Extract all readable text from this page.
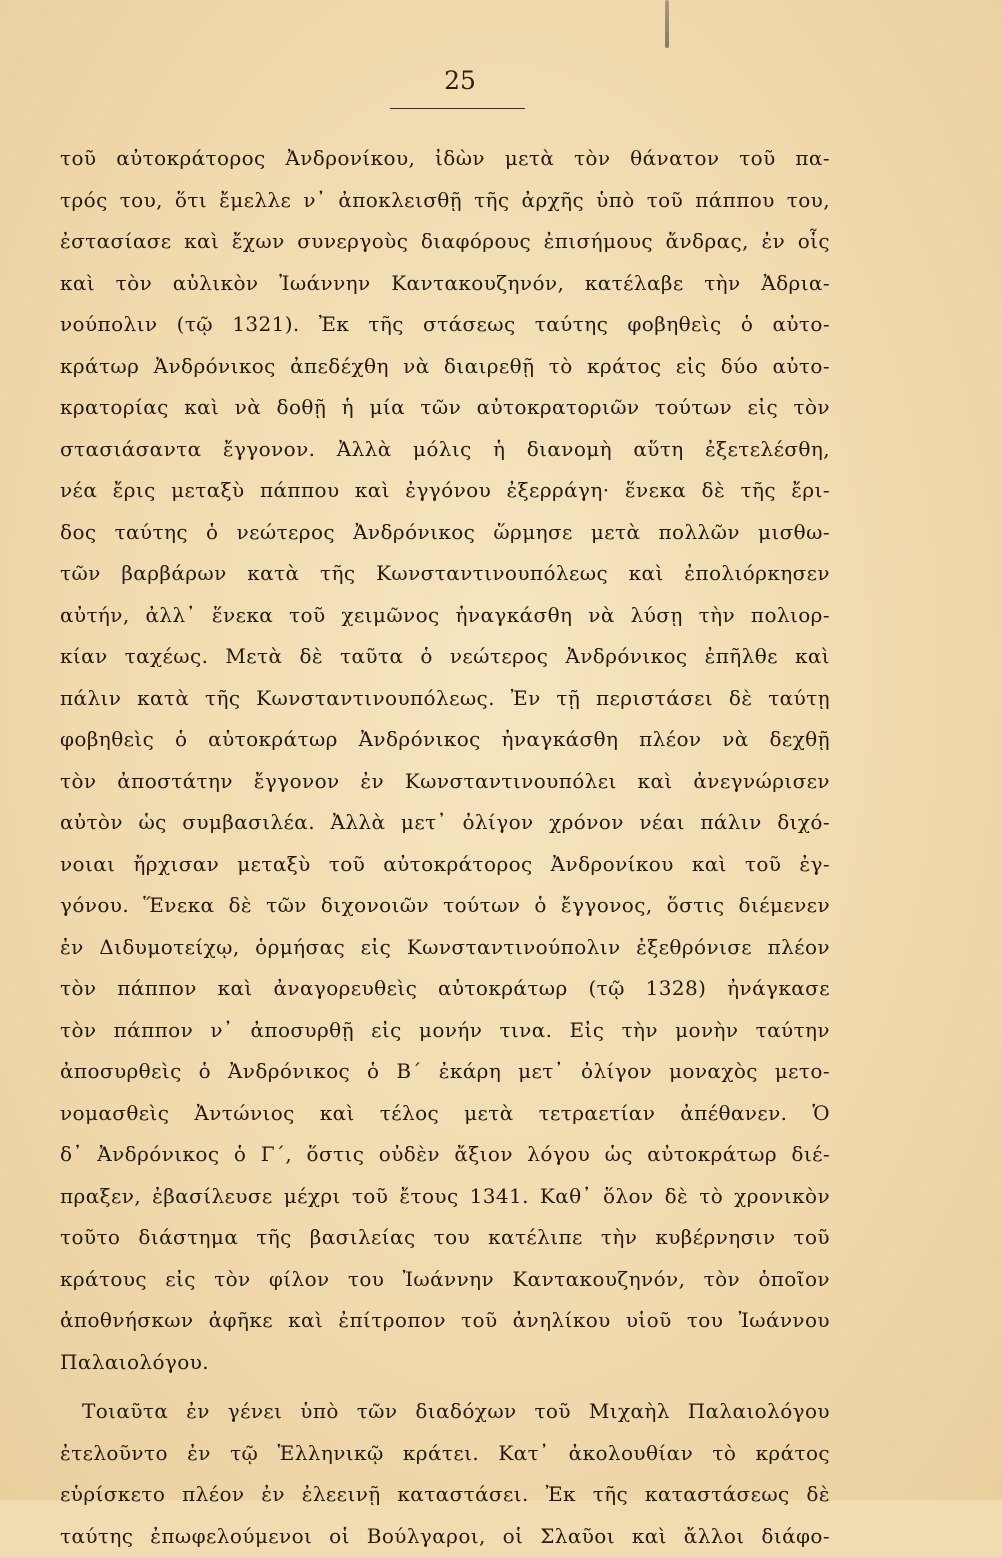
25
τοῦ αὐτοκράτορος Ἀνδρονίκου, ἰδὼν μετὰ τὸν θάνατον τοῦ πα-
τρός του, ὅτι ἔμελλε ν᾽ ἀποκλεισθῇ τῆς ἀρχῆς ὑπὸ τοῦ πάππου του,
ἐστασίασε καὶ ἔχων συνεργοὺς διαφόρους ἐπισήμους ἄνδρας, ἐν οἷς
καὶ τὸν αὐλικὸν Ἰωάννην Καντακουζηνόν, κατέλαβε τὴν Ἀδρια-
νούπολιν (τῷ 1321). Ἐκ τῆς στάσεως ταύτης φοβηθεὶς ὁ αὐτο-
κράτωρ Ἀνδρόνικος ἀπεδέχθη νὰ διαιρεθῇ τὸ κράτος εἰς δύο αὐτο-
κρατορίας καὶ νὰ δοθῇ ἡ μία τῶν αὐτοκρατοριῶν τούτων εἰς τὸν
στασιάσαντα ἔγγονον. Ἀλλὰ μόλις ἡ διανομὴ αὕτη ἐξετελέσθη,
νέα ἔρις μεταξὺ πάππου καὶ ἐγγόνου ἐξερράγη· ἕνεκα δὲ τῆς ἔρι-
δος ταύτης ὁ νεώτερος Ἀνδρόνικος ὥρμησε μετὰ πολλῶν μισθω-
τῶν βαρβάρων κατὰ τῆς Κωνσταντινουπόλεως καὶ ἐπολιόρκησεν
αὐτήν, ἀλλ᾽ ἕνεκα τοῦ χειμῶνος ἠναγκάσθη νὰ λύσῃ τὴν πολιορ-
κίαν ταχέως. Μετὰ δὲ ταῦτα ὁ νεώτερος Ἀνδρόνικος ἐπῆλθε καὶ
πάλιν κατὰ τῆς Κωνσταντινουπόλεως. Ἐν τῇ περιστάσει δὲ ταύτῃ
φοβηθεὶς ὁ αὐτοκράτωρ Ἀνδρόνικος ἠναγκάσθη πλέον νὰ δεχθῇ
τὸν ἀποστάτην ἔγγονον ἐν Κωνσταντινουπόλει καὶ ἀνεγνώρισεν
αὐτὸν ὡς συμβασιλέα. Ἀλλὰ μετ᾽ ὀλίγον χρόνον νέαι πάλιν διχό-
νοιαι ἤρχισαν μεταξὺ τοῦ αὐτοκράτορος Ἀνδρονίκου καὶ τοῦ ἐγ-
γόνου. Ἕνεκα δὲ τῶν διχονοιῶν τούτων ὁ ἔγγονος, ὅστις διέμενεν
ἐν Διδυμοτείχῳ, ὁρμήσας εἰς Κωνσταντινούπολιν ἐξεθρόνισε πλέον
τὸν πάππον καὶ ἀναγορευθεὶς αὐτοκράτωρ (τῷ 1328) ἠνάγκασε
τὸν πάππον ν᾽ ἀποσυρθῇ εἰς μονήν τινα. Εἰς τὴν μονὴν ταύτην
ἀποσυρθεὶς ὁ Ἀνδρόνικος ὁ Β΄ ἐκάρη μετ᾽ ὀλίγον μοναχὸς μετο-
νομασθεὶς Ἀντώνιος καὶ τέλος μετὰ τετραετίαν ἀπέθανεν. Ὁ
δ᾽ Ἀνδρόνικος ὁ Γ΄, ὅστις οὐδὲν ἄξιον λόγου ὡς αὐτοκράτωρ διέ-
πραξεν, ἐβασίλευσε μέχρι τοῦ ἔτους 1341. Καθ᾽ ὅλον δὲ τὸ χρονικὸν
τοῦτο διάστημα τῆς βασιλείας του κατέλιπε τὴν κυβέρνησιν τοῦ
κράτους εἰς τὸν φίλον του Ἰωάννην Καντακουζηνόν, τὸν ὁποῖον
ἀποθνήσκων ἀφῆκε καὶ ἐπίτροπον τοῦ ἀνηλίκου υἱοῦ του Ἰωάννου
Παλαιολόγου.
Τοιαῦτα ἐν γένει ὑπὸ τῶν διαδόχων τοῦ Μιχαὴλ Παλαιολόγου
ἐτελοῦντο ἐν τῷ Ἑλληνικῷ κράτει. Κατ᾽ ἀκολουθίαν τὸ κράτος
εὑρίσκετο πλέον ἐν ἐλεεινῇ καταστάσει. Ἐκ τῆς καταστάσεως δὲ
ταύτης ἐπωφελούμενοι οἱ Βούλγαροι, οἱ Σλαῦοι καὶ ἄλλοι διάφο-
